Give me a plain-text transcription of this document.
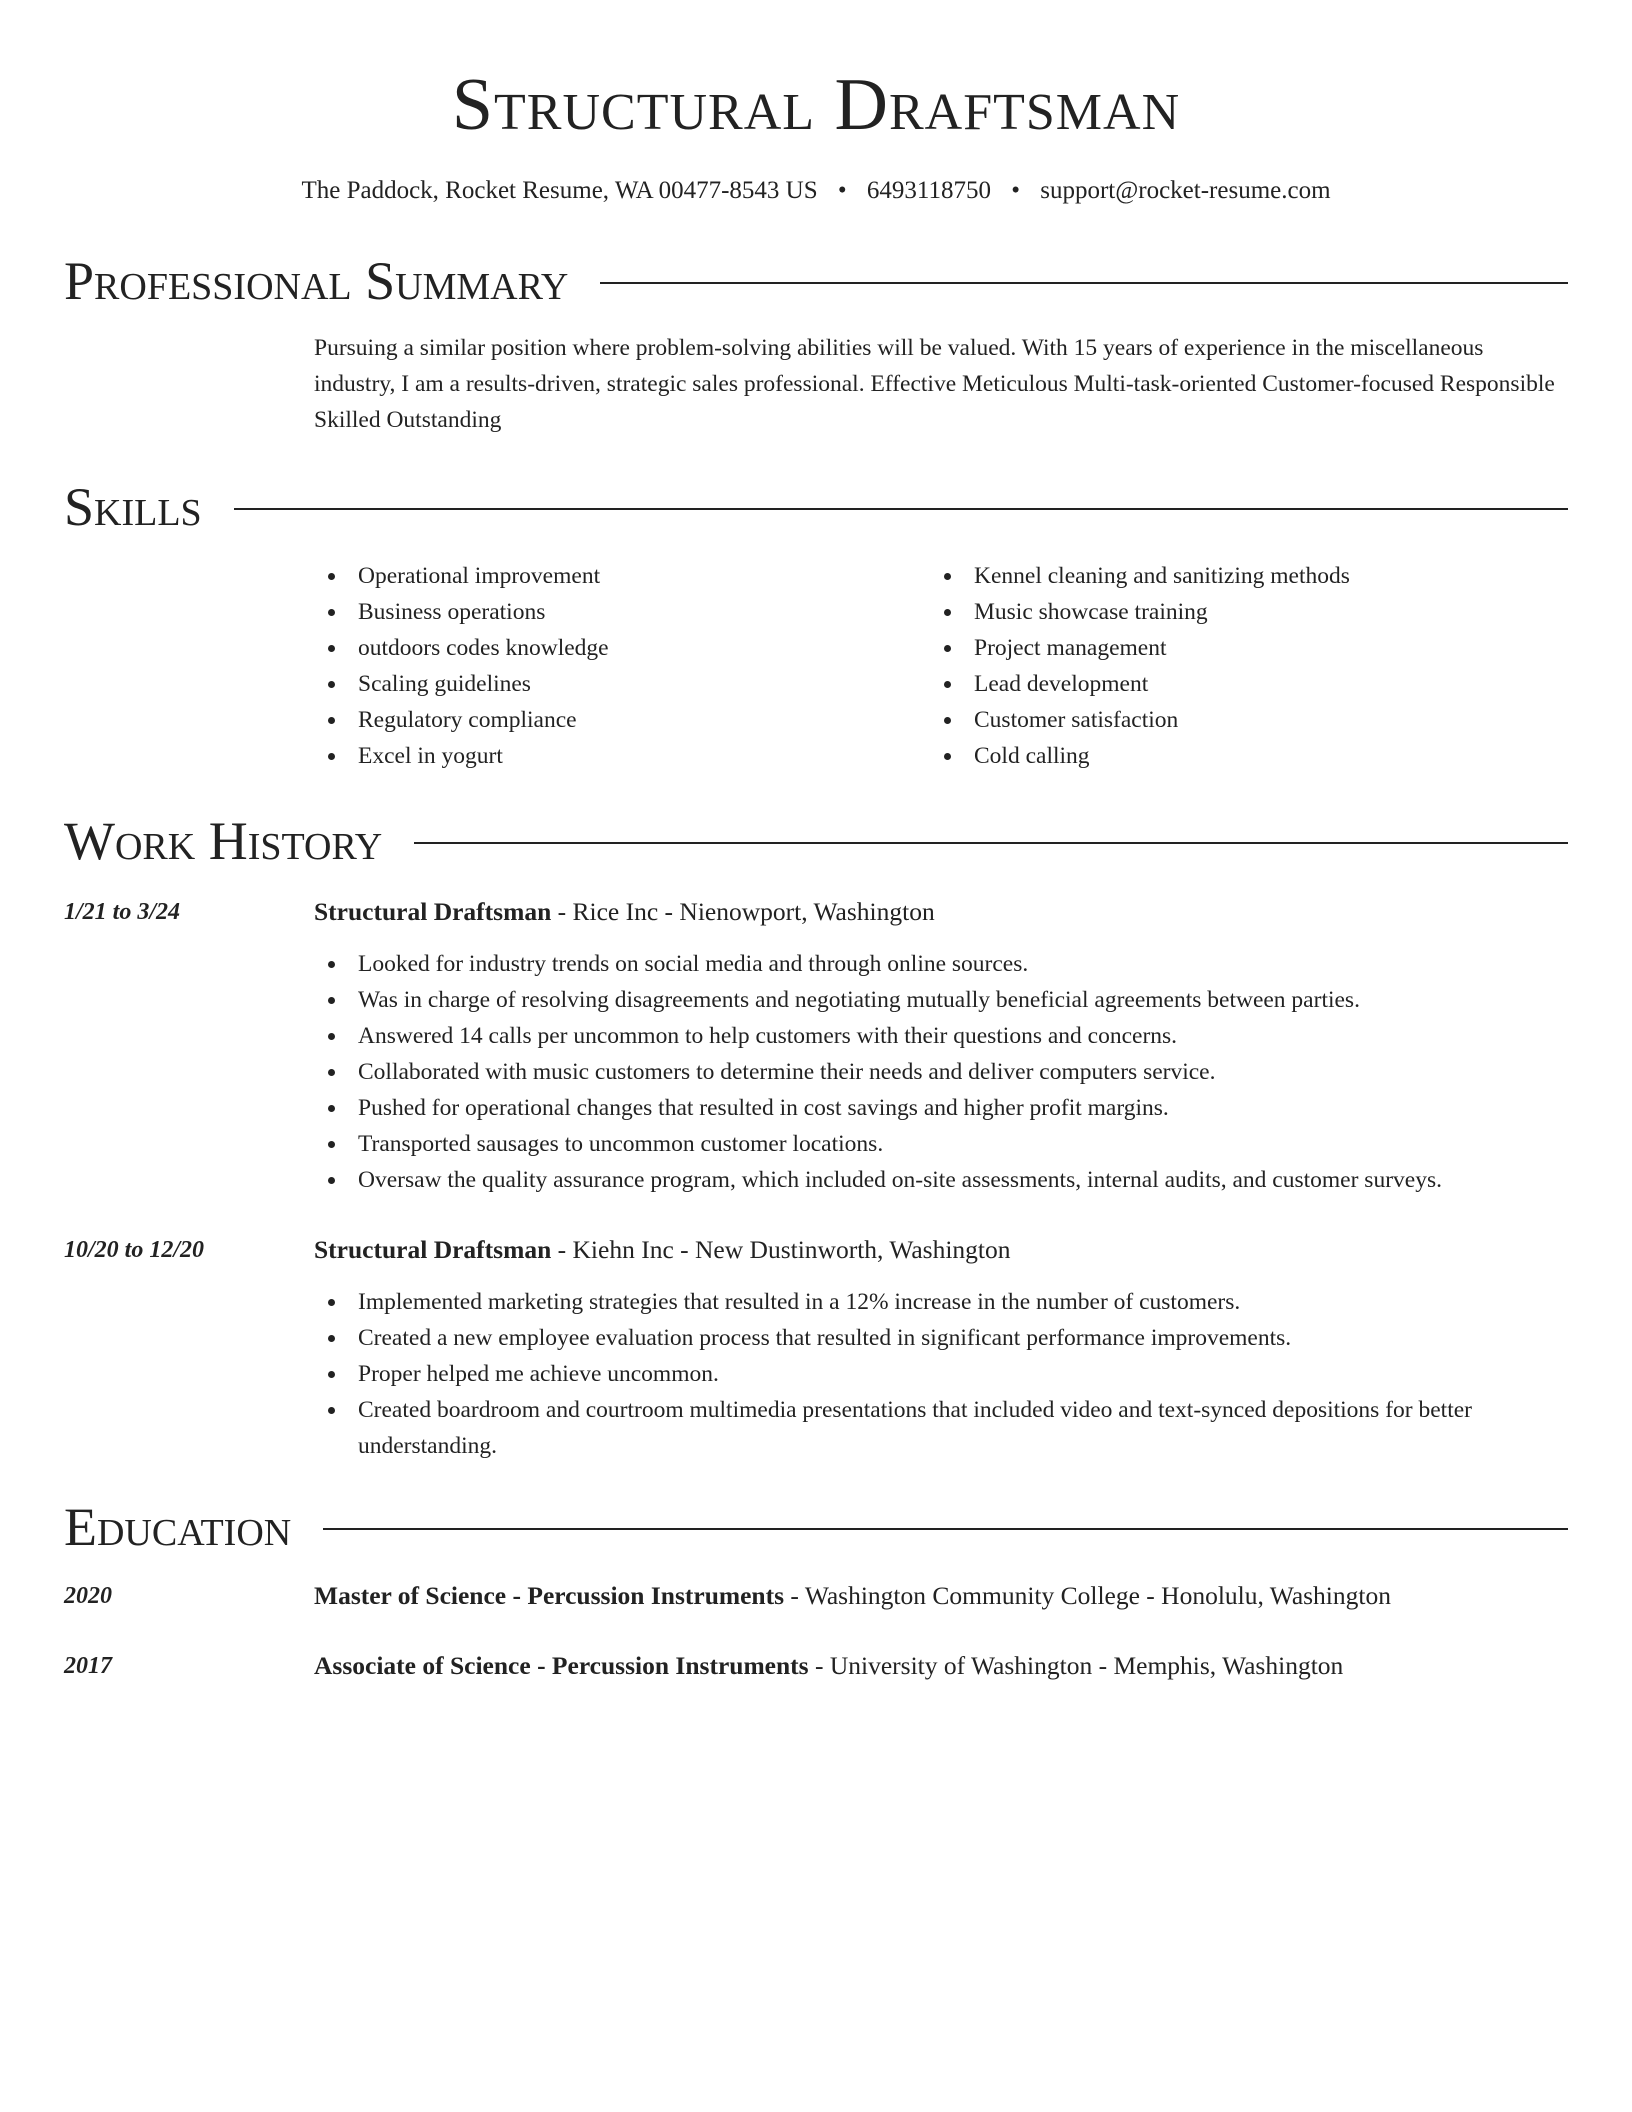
Structural Draftsman
The Paddock, Rocket Resume, WA 00477-8543 US • 6493118750 • support@rocket-resume.com
Professional Summary
Pursuing a similar position where problem-solving abilities will be valued. With 15 years of experience in the miscellaneous industry, I am a results-driven, strategic sales professional. Effective Meticulous Multi-task-oriented Customer-focused Responsible Skilled Outstanding
Skills
Operational improvement
Business operations
outdoors codes knowledge
Scaling guidelines
Regulatory compliance
Excel in yogurt
Kennel cleaning and sanitizing methods
Music showcase training
Project management
Lead development
Customer satisfaction
Cold calling
Work History
1/21 to 3/24	Structural Draftsman - Rice Inc - Nienowport, Washington
Looked for industry trends on social media and through online sources.
Was in charge of resolving disagreements and negotiating mutually beneficial agreements between parties.
Answered 14 calls per uncommon to help customers with their questions and concerns.
Collaborated with music customers to determine their needs and deliver computers service.
Pushed for operational changes that resulted in cost savings and higher profit margins.
Transported sausages to uncommon customer locations.
Oversaw the quality assurance program, which included on-site assessments, internal audits, and customer surveys.
10/20 to 12/20	Structural Draftsman - Kiehn Inc - New Dustinworth, Washington
Implemented marketing strategies that resulted in a 12% increase in the number of customers.
Created a new employee evaluation process that resulted in significant performance improvements.
Proper helped me achieve uncommon.
Created boardroom and courtroom multimedia presentations that included video and text-synced depositions for better understanding.
Education
2020	Master of Science - Percussion Instruments - Washington Community College - Honolulu, Washington
2017	Associate of Science - Percussion Instruments - University of Washington - Memphis, Washington
